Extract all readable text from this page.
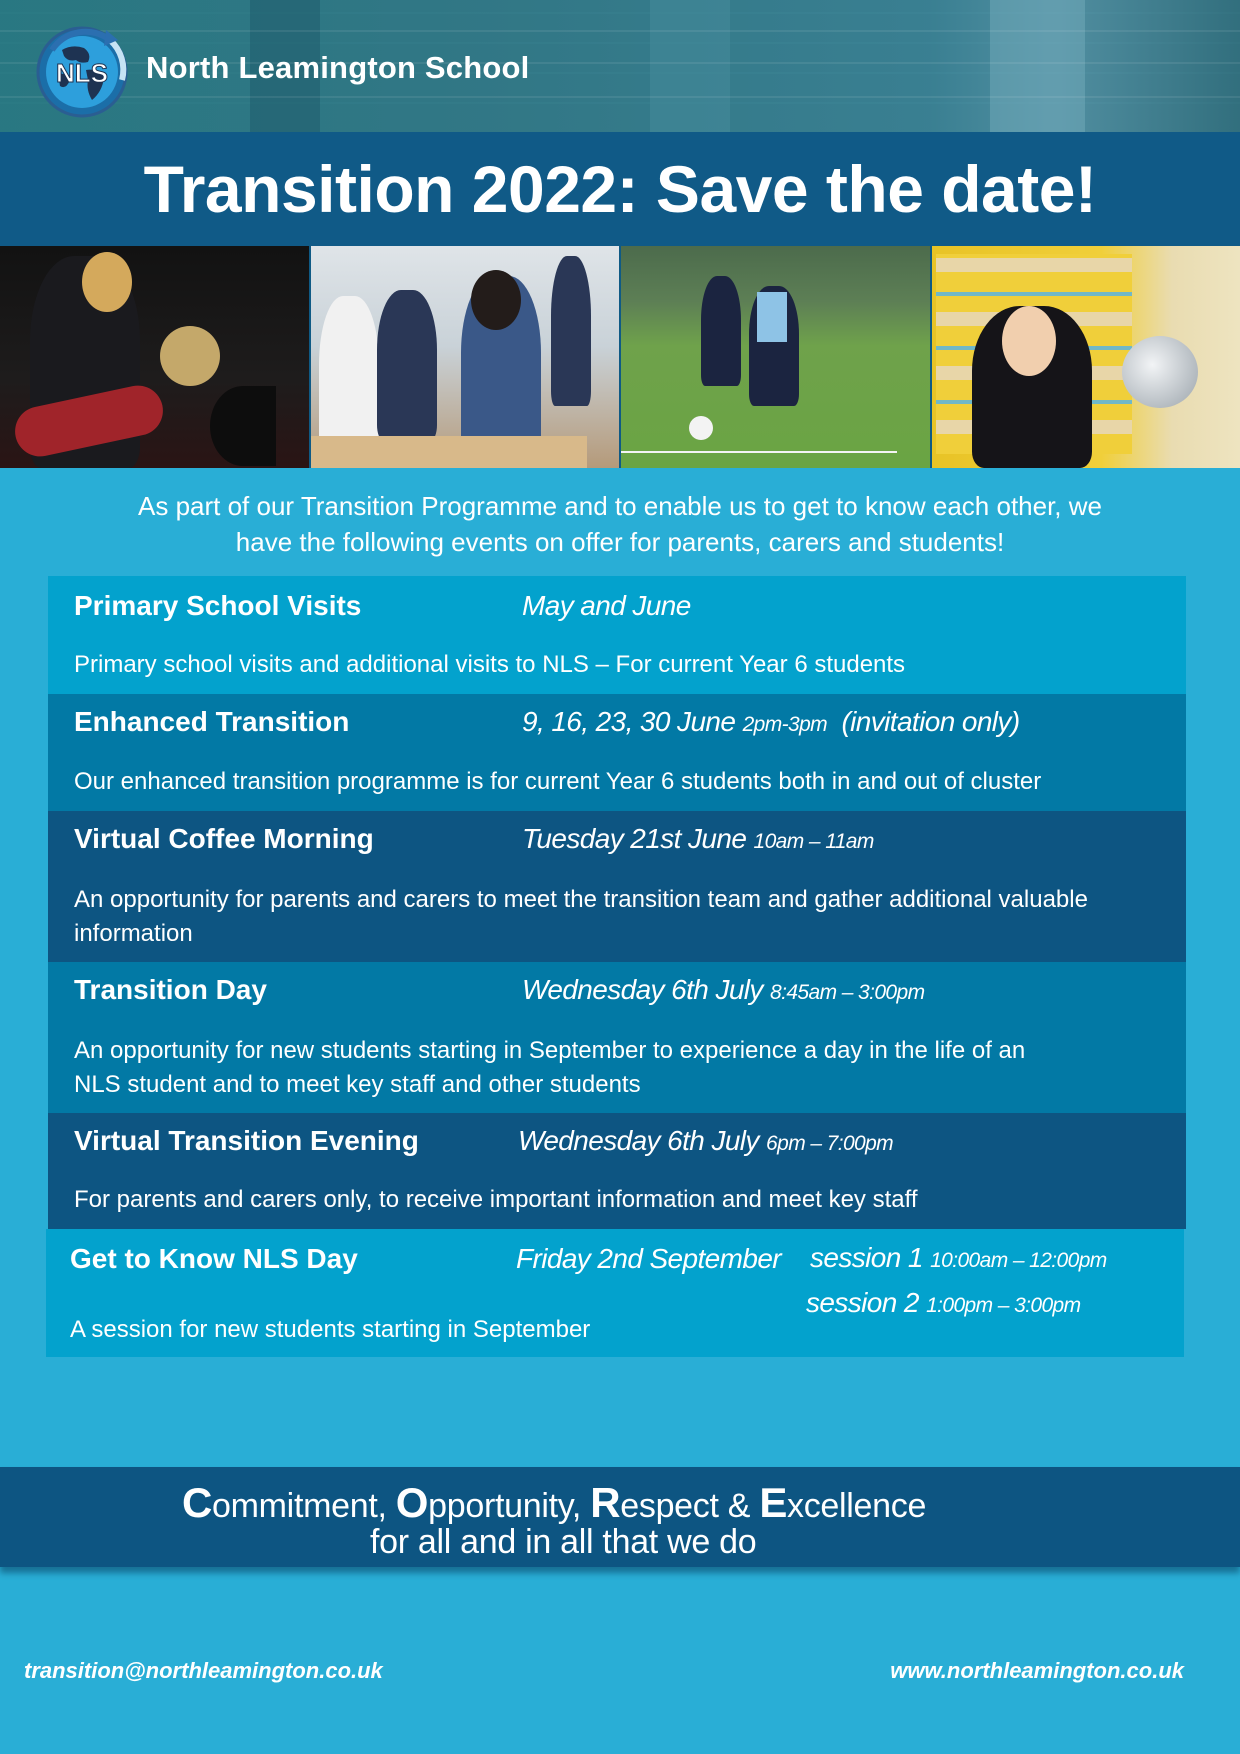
NLS North Leamington School
Transition 2022: Save the date!
As part of our Transition Programme and to enable us to get to know each other, we
have the following events on offer for parents, carers and students!
Primary School Visits	May and June
Primary school visits and additional visits to NLS – For current Year 6 students
Enhanced Transition	9, 16, 23, 30 June 2pm-3pm (invitation only)
Our enhanced transition programme is for current Year 6 students both in and out of cluster
Virtual Coffee Morning	Tuesday 21st June 10am – 11am
An opportunity for parents and carers to meet the transition team and gather additional valuable
information
Transition Day	Wednesday 6th July 8:45am – 3:00pm
An opportunity for new students starting in September to experience a day in the life of an
NLS student and to meet key staff and other students
Virtual Transition Evening	Wednesday 6th July 6pm – 7:00pm
For parents and carers only, to receive important information and meet key staff
Get to Know NLS Day	Friday 2nd September session 1 10:00am – 12:00pm
session 2 1:00pm – 3:00pm
A session for new students starting in September
Commitment, Opportunity, Respect & Excellence
for all and in all that we do
transition@northleamington.co.uk	www.northleamington.co.uk
